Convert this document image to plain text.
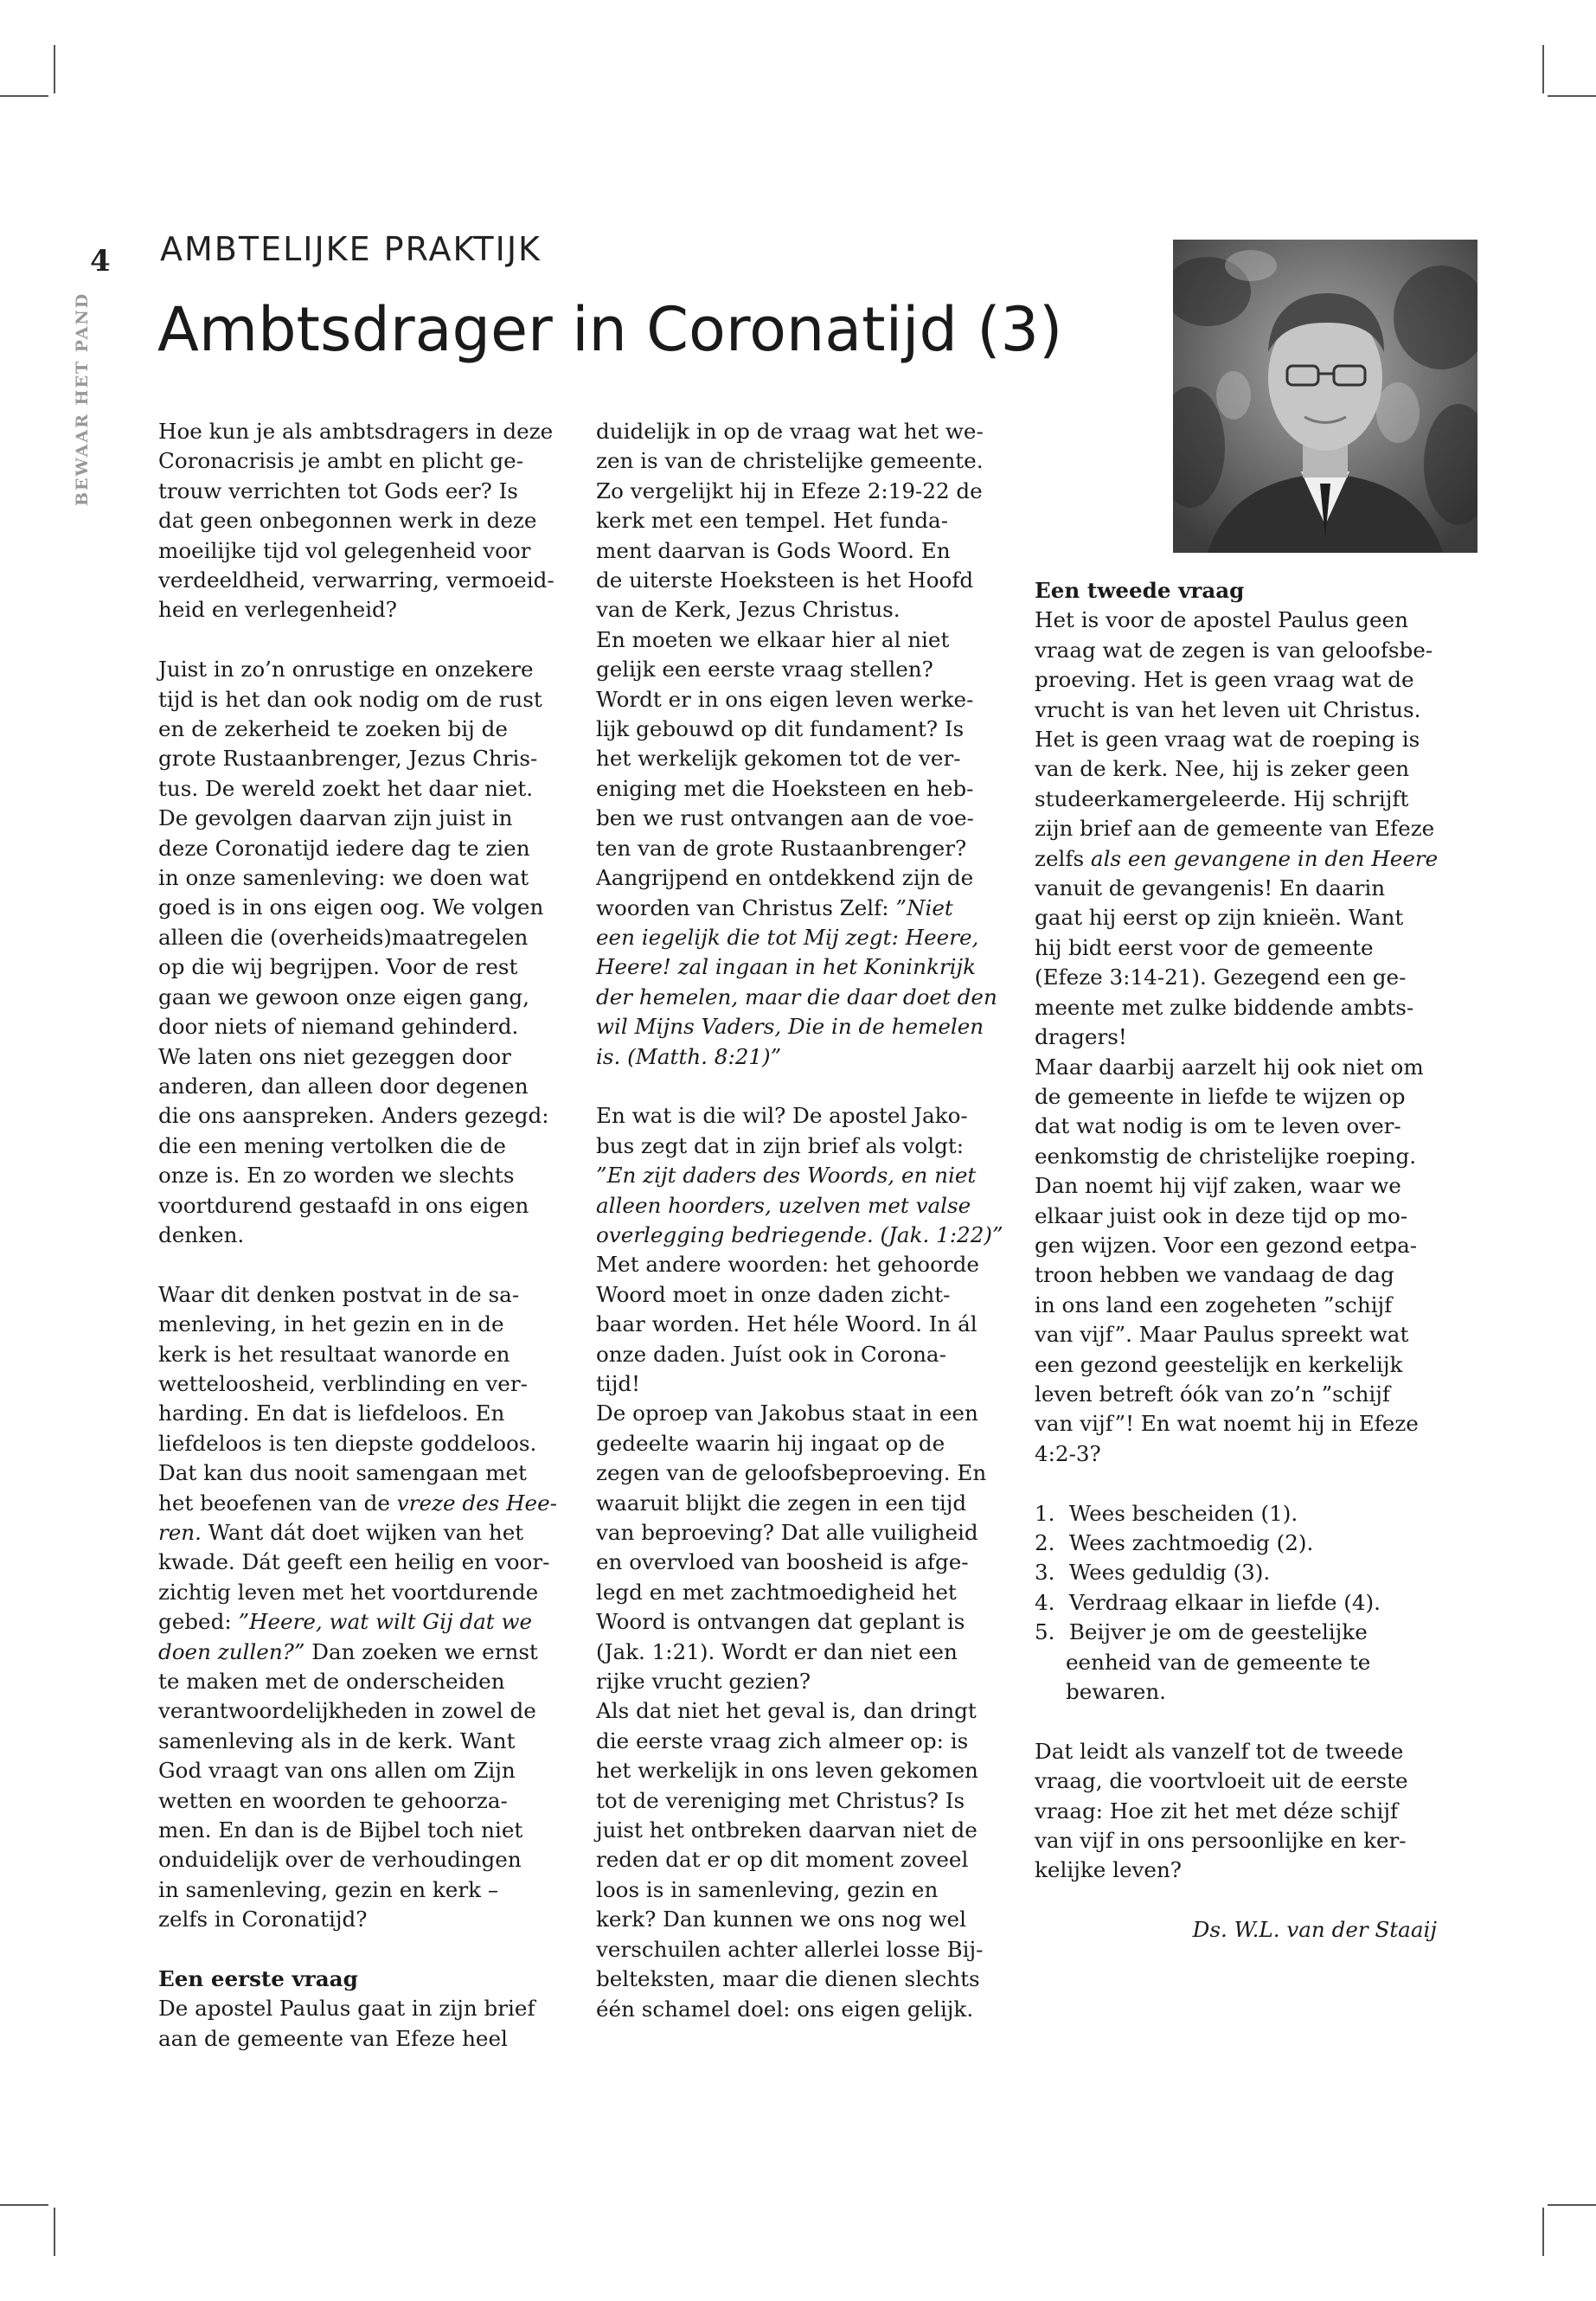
4
BEWAAR HET PAND
AMBTELIJKE PRAKTIJK
Ambtsdrager in Coronatijd (3)

Hoe kun je als ambtsdragers in deze
Coronacrisis je ambt en plicht ge-
trouw verrichten tot Gods eer? Is
dat geen onbegonnen werk in deze
moeilijke tijd vol gelegenheid voor
verdeeldheid, verwarring, vermoeid-
heid en verlegenheid?

Juist in zo’n onrustige en onzekere
tijd is het dan ook nodig om de rust
en de zekerheid te zoeken bij de
grote Rustaanbrenger, Jezus Chris-
tus. De wereld zoekt het daar niet.
De gevolgen daarvan zijn juist in
deze Coronatijd iedere dag te zien
in onze samenleving: we doen wat
goed is in ons eigen oog. We volgen
alleen die (overheids)maatregelen
op die wij begrijpen. Voor de rest
gaan we gewoon onze eigen gang,
door niets of niemand gehinderd.
We laten ons niet gezeggen door
anderen, dan alleen door degenen
die ons aanspreken. Anders gezegd:
die een mening vertolken die de
onze is. En zo worden we slechts
voortdurend gestaafd in ons eigen
denken.

Waar dit denken postvat in de sa-
menleving, in het gezin en in de
kerk is het resultaat wanorde en
wetteloosheid, verblinding en ver-
harding. En dat is liefdeloos. En
liefdeloos is ten diepste goddeloos.
Dat kan dus nooit samengaan met
het beoefenen van de vreze des Hee-
ren. Want dát doet wijken van het
kwade. Dát geeft een heilig en voor-
zichtig leven met het voortdurende
gebed: ”Heere, wat wilt Gij dat we
doen zullen?” Dan zoeken we ernst
te maken met de onderscheiden
verantwoordelijkheden in zowel de
samenleving als in de kerk. Want
God vraagt van ons allen om Zijn
wetten en woorden te gehoorza-
men. En dan is de Bijbel toch niet
onduidelijk over de verhoudingen
in samenleving, gezin en kerk –
zelfs in Coronatijd?

Een eerste vraag
De apostel Paulus gaat in zijn brief
aan de gemeente van Efeze heel

duidelijk in op de vraag wat het we-
zen is van de christelijke gemeente.
Zo vergelijkt hij in Efeze 2:19-22 de
kerk met een tempel. Het funda-
ment daarvan is Gods Woord. En
de uiterste Hoeksteen is het Hoofd
van de Kerk, Jezus Christus.
En moeten we elkaar hier al niet
gelijk een eerste vraag stellen?
Wordt er in ons eigen leven werke-
lijk gebouwd op dit fundament? Is
het werkelijk gekomen tot de ver-
eniging met die Hoeksteen en heb-
ben we rust ontvangen aan de voe-
ten van de grote Rustaanbrenger?
Aangrijpend en ontdekkend zijn de
woorden van Christus Zelf: ”Niet
een iegelijk die tot Mij zegt: Heere,
Heere! zal ingaan in het Koninkrijk
der hemelen, maar die daar doet den
wil Mijns Vaders, Die in de hemelen
is. (Matth. 8:21)”

En wat is die wil? De apostel Jako-
bus zegt dat in zijn brief als volgt:
”En zijt daders des Woords, en niet
alleen hoorders, uzelven met valse
overlegging bedriegende. (Jak. 1:22)”
Met andere woorden: het gehoorde
Woord moet in onze daden zicht-
baar worden. Het héle Woord. In ál
onze daden. Juíst ook in Corona-
tijd!
De oproep van Jakobus staat in een
gedeelte waarin hij ingaat op de
zegen van de geloofsbeproeving. En
waaruit blijkt die zegen in een tijd
van beproeving? Dat alle vuiligheid
en overvloed van boosheid is afge-
legd en met zachtmoedigheid het
Woord is ontvangen dat geplant is
(Jak. 1:21). Wordt er dan niet een
rijke vrucht gezien?
Als dat niet het geval is, dan dringt
die eerste vraag zich almeer op: is
het werkelijk in ons leven gekomen
tot de vereniging met Christus? Is
juist het ontbreken daarvan niet de
reden dat er op dit moment zoveel
loos is in samenleving, gezin en
kerk? Dan kunnen we ons nog wel
verschuilen achter allerlei losse Bij-
belteksten, maar die dienen slechts
één schamel doel: ons eigen gelijk.

Een tweede vraag
Het is voor de apostel Paulus geen
vraag wat de zegen is van geloofsbe-
proeving. Het is geen vraag wat de
vrucht is van het leven uit Christus.
Het is geen vraag wat de roeping is
van de kerk. Nee, hij is zeker geen
studeerkamergeleerde. Hij schrijft
zijn brief aan de gemeente van Efeze
zelfs als een gevangene in den Heere
vanuit de gevangenis! En daarin
gaat hij eerst op zijn knieën. Want
hij bidt eerst voor de gemeente
(Efeze 3:14-21). Gezegend een ge-
meente met zulke biddende ambts-
dragers!
Maar daarbij aarzelt hij ook niet om
de gemeente in liefde te wijzen op
dat wat nodig is om te leven over-
eenkomstig de christelijke roeping.
Dan noemt hij vijf zaken, waar we
elkaar juist ook in deze tijd op mo-
gen wijzen. Voor een gezond eetpa-
troon hebben we vandaag de dag
in ons land een zogeheten ”schijf
van vijf”. Maar Paulus spreekt wat
een gezond geestelijk en kerkelijk
leven betreft óók van zo’n ”schijf
van vijf”! En wat noemt hij in Efeze
4:2-3?

1. Wees bescheiden (1).
2. Wees zachtmoedig (2).
3. Wees geduldig (3).
4. Verdraag elkaar in liefde (4).
5. Beijver je om de geestelijke
eenheid van de gemeente te
bewaren.

Dat leidt als vanzelf tot de tweede
vraag, die voortvloeit uit de eerste
vraag: Hoe zit het met déze schijf
van vijf in ons persoonlijke en ker-
kelijke leven?

Ds. W.L. van der Staaij
